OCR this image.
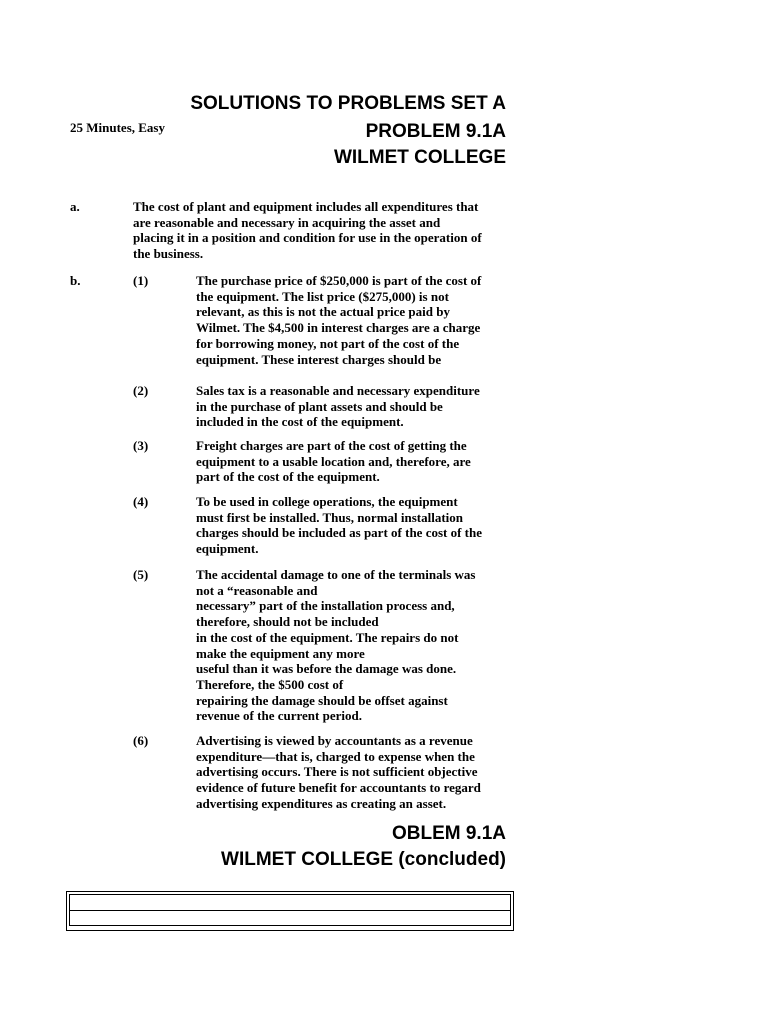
SOLUTIONS TO PROBLEMS SET A
25 Minutes, Easy	PROBLEM 9.1A
WILMET COLLEGE
a.	The cost of plant and equipment includes all expenditures that
are reasonable and necessary in acquiring the asset and
placing it in a position and condition for use in the operation of
the business.
b.	(1)	The purchase price of $250,000 is part of the cost of
the equipment. The list price ($275,000) is not
relevant, as this is not the actual price paid by
Wilmet. The $4,500 in interest charges are a charge
for borrowing money, not part of the cost of the
equipment. These interest charges should be
(2)	Sales tax is a reasonable and necessary expenditure
in the purchase of plant assets and should be
included in the cost of the equipment.
(3)	Freight charges are part of the cost of getting the
equipment to a usable location and, therefore, are
part of the cost of the equipment.
(4)	To be used in college operations, the equipment
must first be installed. Thus, normal installation
charges should be included as part of the cost of the
equipment.
(5)	The accidental damage to one of the terminals was
not a “reasonable and
necessary” part of the installation process and,
therefore, should not be included
in the cost of the equipment. The repairs do not
make the equipment any more
useful than it was before the damage was done.
Therefore, the $500 cost of
repairing the damage should be offset against
revenue of the current period.
(6)	Advertising is viewed by accountants as a revenue
expenditure—that is, charged to expense when the
advertising occurs. There is not sufficient objective
evidence of future benefit for accountants to regard
advertising expenditures as creating an asset.
OBLEM 9.1A
WILMET COLLEGE (concluded)
